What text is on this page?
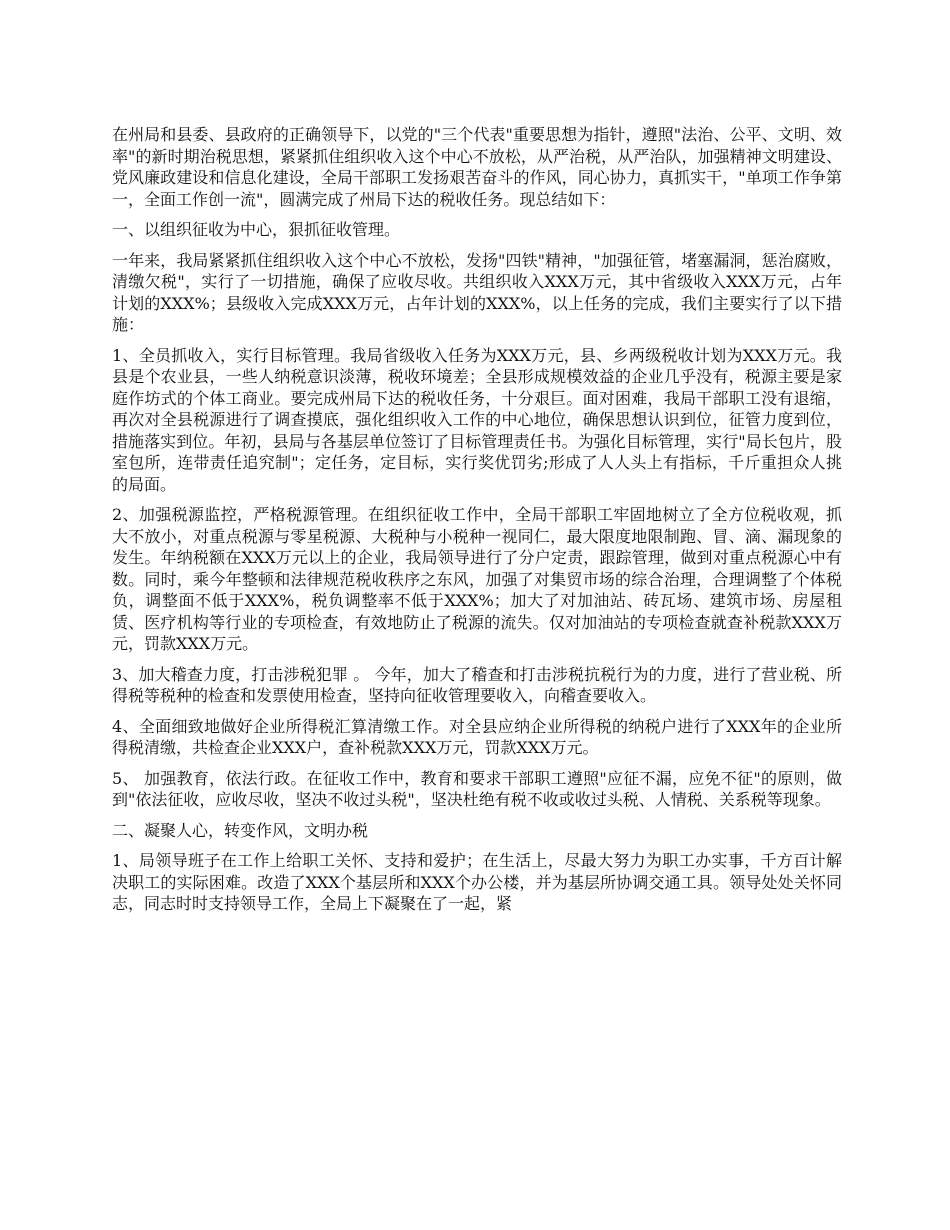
在州局和县委、县政府的正确领导下，以党的"三个代表"重要思想为指针，遵照"法治、公平、文明、效率"的新时期治税思想，紧紧抓住组织收入这个中心不放松，从严治税，从严治队，加强精神文明建设、党风廉政建设和信息化建设，全局干部职工发扬艰苦奋斗的作风，同心协力，真抓实干，"单项工作争第一，全面工作创一流"，圆满完成了州局下达的税收任务。现总结如下：

一、以组织征收为中心，狠抓征收管理。

一年来，我局紧紧抓住组织收入这个中心不放松，发扬"四铁"精神，"加强征管，堵塞漏洞，惩治腐败，清缴欠税"，实行了一切措施，确保了应收尽收。共组织收入XXX万元，其中省级收入XXX万元，占年计划的XXX%；县级收入完成XXX万元，占年计划的XXX%，以上任务的完成，我们主要实行了以下措施：

1、全员抓收入，实行目标管理。我局省级收入任务为XXX万元，县、乡两级税收计划为XXX万元。我县是个农业县，一些人纳税意识淡薄，税收环境差；全县形成规模效益的企业几乎没有，税源主要是家庭作坊式的个体工商业。要完成州局下达的税收任务，十分艰巨。面对困难，我局干部职工没有退缩，再次对全县税源进行了调查摸底，强化组织收入工作的中心地位，确保思想认识到位，征管力度到位，措施落实到位。年初，县局与各基层单位签订了目标管理责任书。为强化目标管理，实行"局长包片，股室包所，连带责任追究制"；定任务，定目标，实行奖优罚劣;形成了人人头上有指标，千斤重担众人挑的局面。

2、加强税源监控，严格税源管理。在组织征收工作中，全局干部职工牢固地树立了全方位税收观，抓大不放小，对重点税源与零星税源、大税种与小税种一视同仁，最大限度地限制跑、冒、滴、漏现象的发生。年纳税额在XXX万元以上的企业，我局领导进行了分户定责，跟踪管理，做到对重点税源心中有数。同时，乘今年整顿和法律规范税收秩序之东风，加强了对集贸市场的综合治理，合理调整了个体税负，调整面不低于XXX%，税负调整率不低于XXX%；加大了对加油站、砖瓦场、建筑市场、房屋租赁、医疗机构等行业的专项检查，有效地防止了税源的流失。仅对加油站的专项检查就查补税款XXX万元，罚款XXX万元。

3、加大稽查力度，打击涉税犯罪 。 今年，加大了稽查和打击涉税抗税行为的力度，进行了营业税、所得税等税种的检查和发票使用检查，坚持向征收管理要收入，向稽查要收入。

4、全面细致地做好企业所得税汇算清缴工作。对全县应纳企业所得税的纳税户进行了XXX年的企业所得税清缴，共检查企业XXX户，查补税款XXX万元，罚款XXX万元。

5、 加强教育，依法行政。在征收工作中，教育和要求干部职工遵照"应征不漏，应免不征"的原则，做到"依法征收，应收尽收，坚决不收过头税"，坚决杜绝有税不收或收过头税、人情税、关系税等现象。

二、凝聚人心，转变作风，文明办税

1、局领导班子在工作上给职工关怀、支持和爱护；在生活上，尽最大努力为职工办实事，千方百计解决职工的实际困难。改造了XXX个基层所和XXX个办公楼，并为基层所协调交通工具。领导处处关怀同志，同志时时支持领导工作，全局上下凝聚在了一起，紧
